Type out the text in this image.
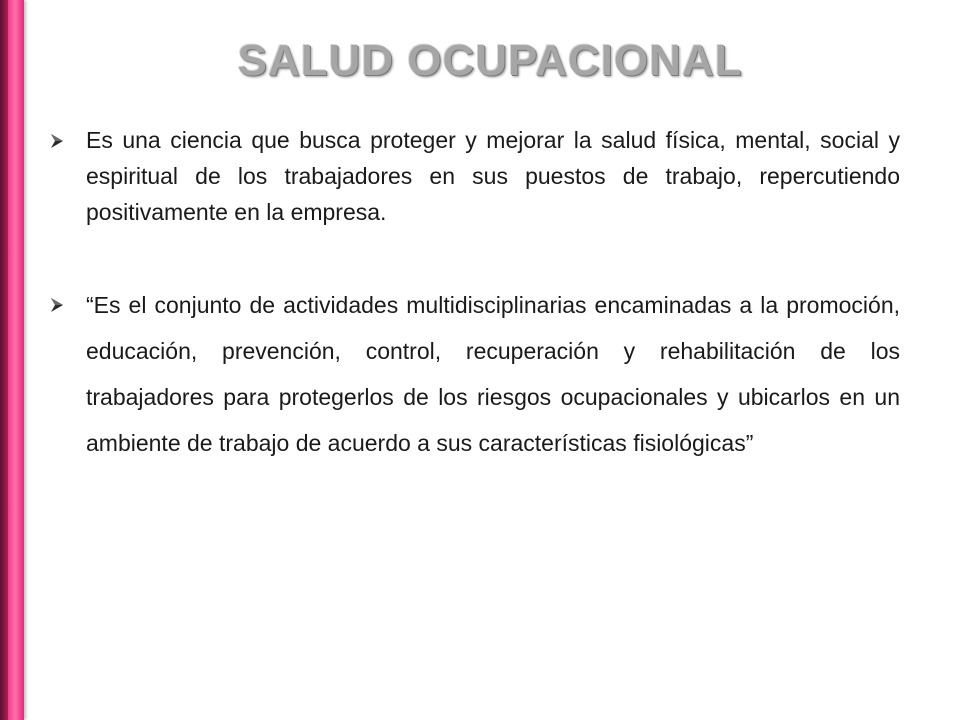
SALUD OCUPACIONAL
Es una ciencia que busca proteger y mejorar la salud física, mental, social y espiritual de los trabajadores en sus puestos de trabajo, repercutiendo positivamente en la empresa.
“Es el conjunto de actividades multidisciplinarias encaminadas a la promoción, educación, prevención, control, recuperación y rehabilitación de los trabajadores para protegerlos de los riesgos ocupacionales y ubicarlos en un ambiente de trabajo de acuerdo a sus características fisiológicas”
